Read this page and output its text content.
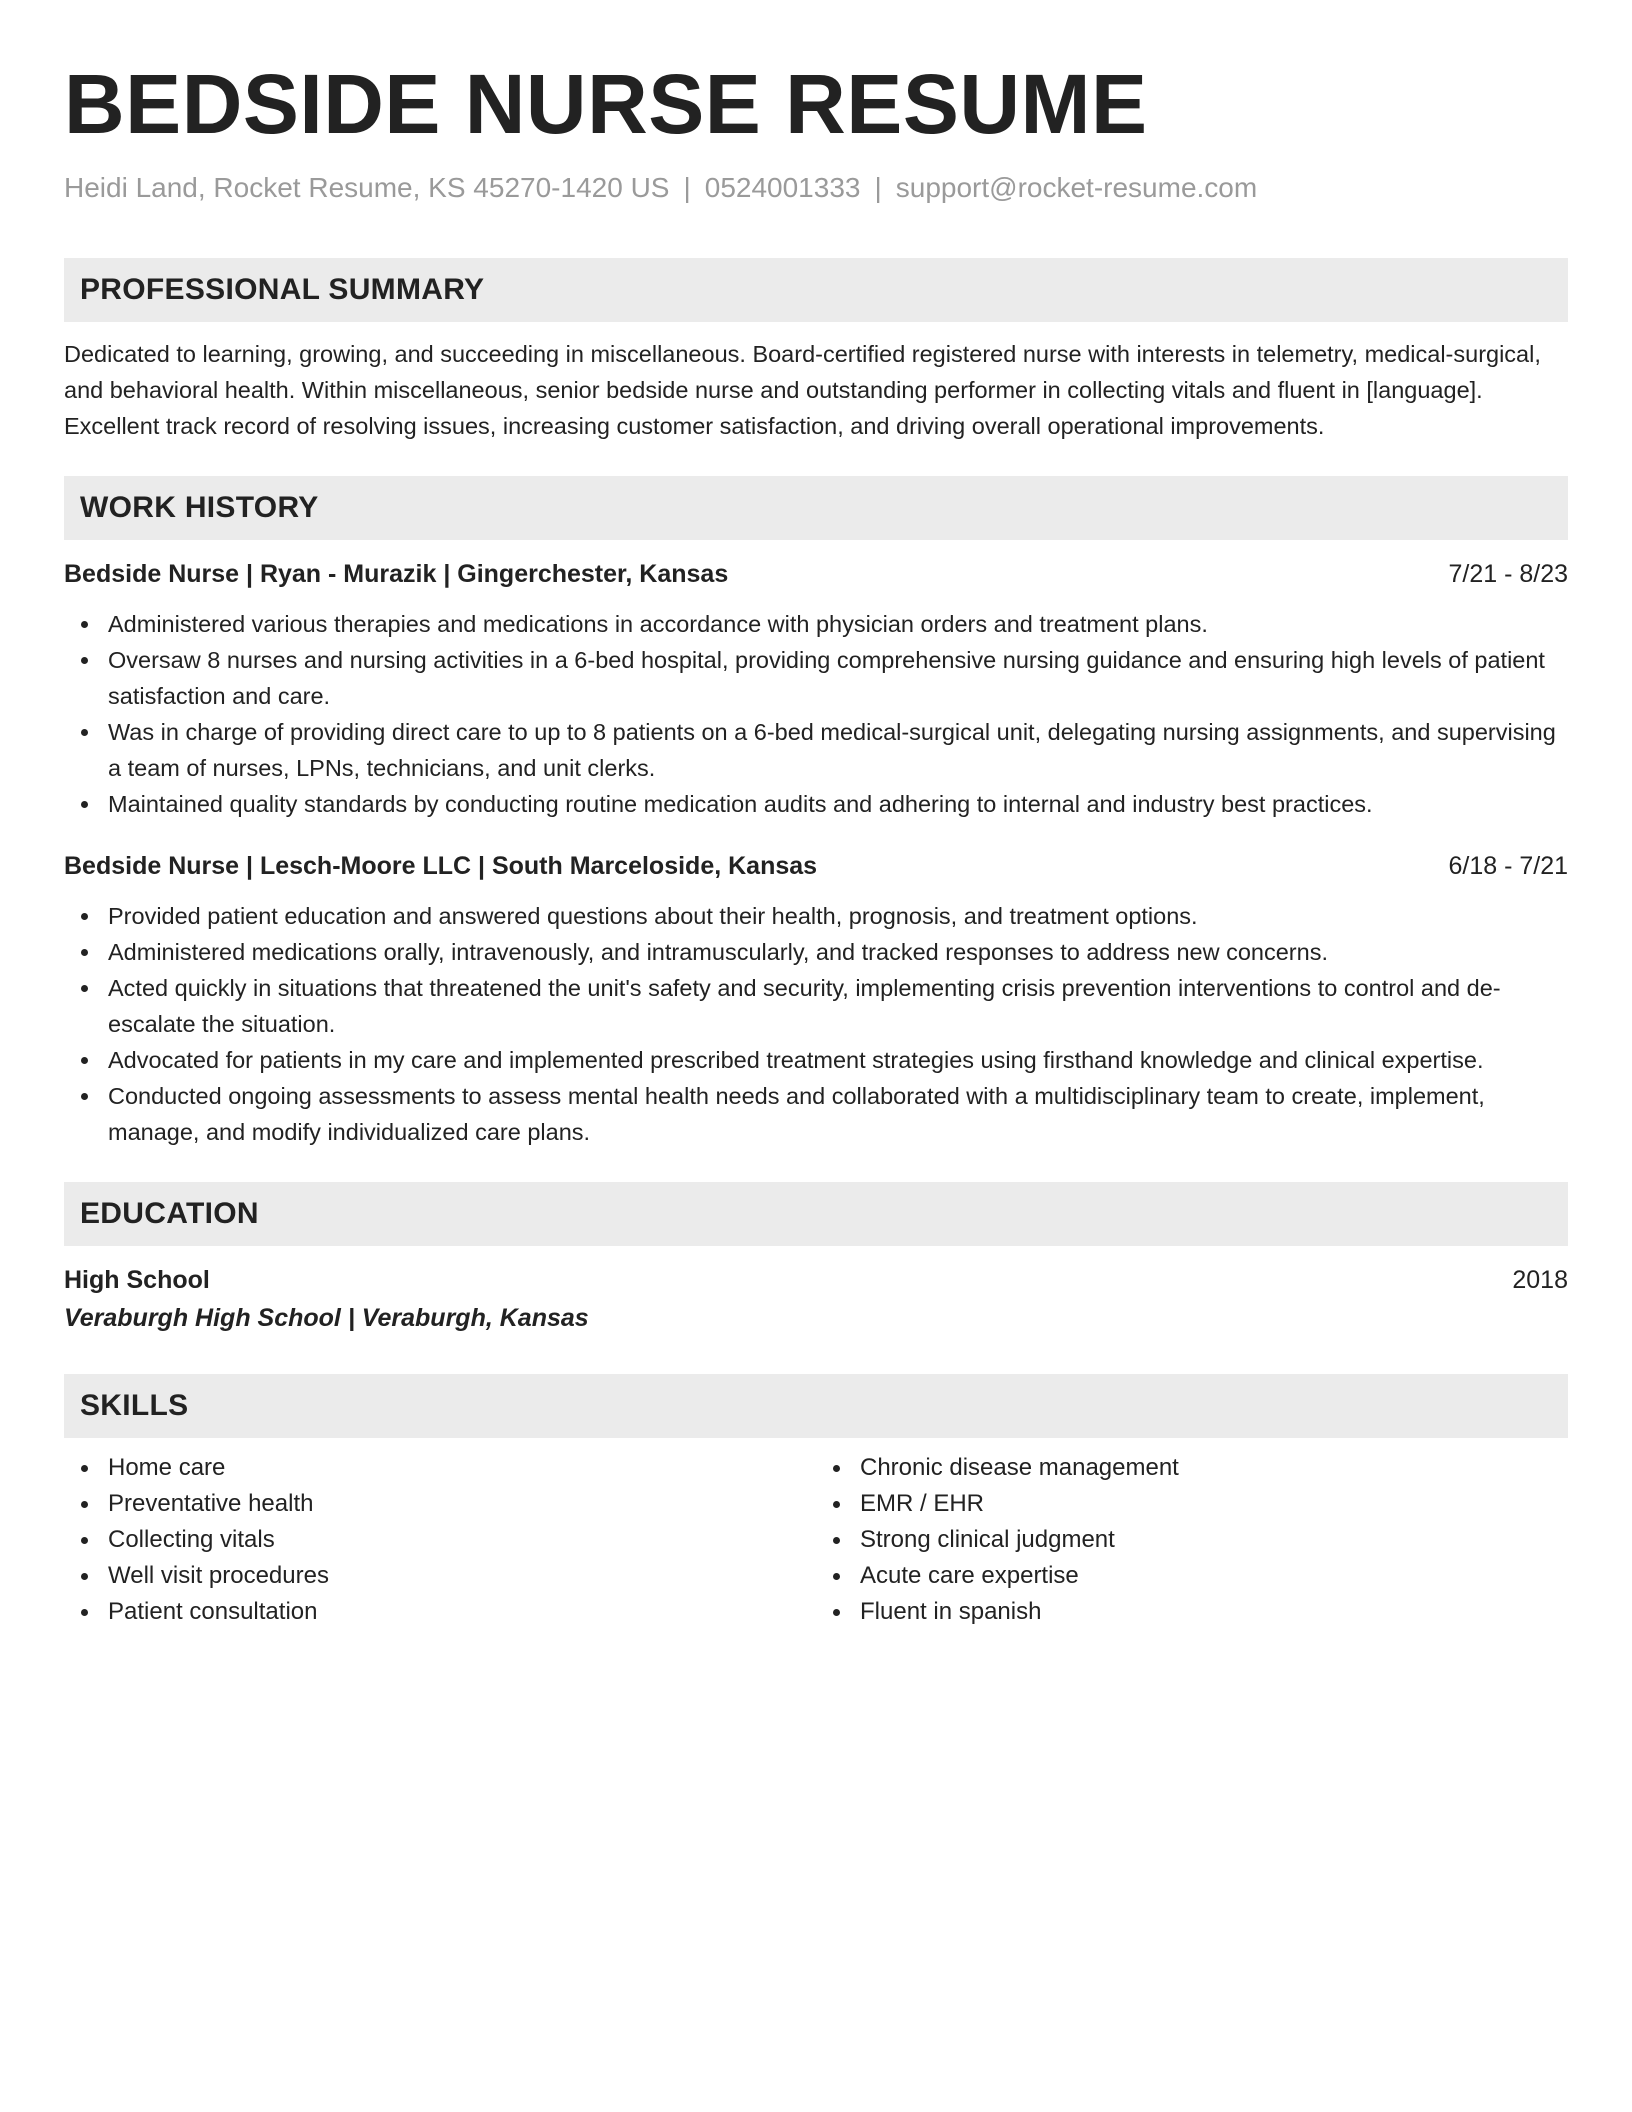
BEDSIDE NURSE RESUME
Heidi Land, Rocket Resume, KS 45270-1420 US | 0524001333 | support@rocket-resume.com
PROFESSIONAL SUMMARY

Dedicated to learning, growing, and succeeding in miscellaneous. Board-certified registered nurse with interests in telemetry, medical-surgical, and behavioral health. Within miscellaneous, senior bedside nurse and outstanding performer in collecting vitals and fluent in [language]. Excellent track record of resolving issues, increasing customer satisfaction, and driving overall operational improvements.

WORK HISTORY
Bedside Nurse | Ryan - Murazik | Gingerchester, Kansas	7/21 - 8/23
Administered various therapies and medications in accordance with physician orders and treatment plans.
Oversaw 8 nurses and nursing activities in a 6-bed hospital, providing comprehensive nursing guidance and ensuring high levels of patient satisfaction and care.
Was in charge of providing direct care to up to 8 patients on a 6-bed medical-surgical unit, delegating nursing assignments, and supervising a team of nurses, LPNs, technicians, and unit clerks.
Maintained quality standards by conducting routine medication audits and adhering to internal and industry best practices.
Bedside Nurse | Lesch-Moore LLC | South Marceloside, Kansas	6/18 - 7/21
Provided patient education and answered questions about their health, prognosis, and treatment options.
Administered medications orally, intravenously, and intramuscularly, and tracked responses to address new concerns.
Acted quickly in situations that threatened the unit's safety and security, implementing crisis prevention interventions to control and de-escalate the situation.
Advocated for patients in my care and implemented prescribed treatment strategies using firsthand knowledge and clinical expertise.
Conducted ongoing assessments to assess mental health needs and collaborated with a multidisciplinary team to create, implement, manage, and modify individualized care plans.
EDUCATION
High School	2018
Veraburgh High School | Veraburgh, Kansas
SKILLS
Home care
Preventative health
Collecting vitals
Well visit procedures
Patient consultation
Chronic disease management
EMR / EHR
Strong clinical judgment
Acute care expertise
Fluent in spanish
